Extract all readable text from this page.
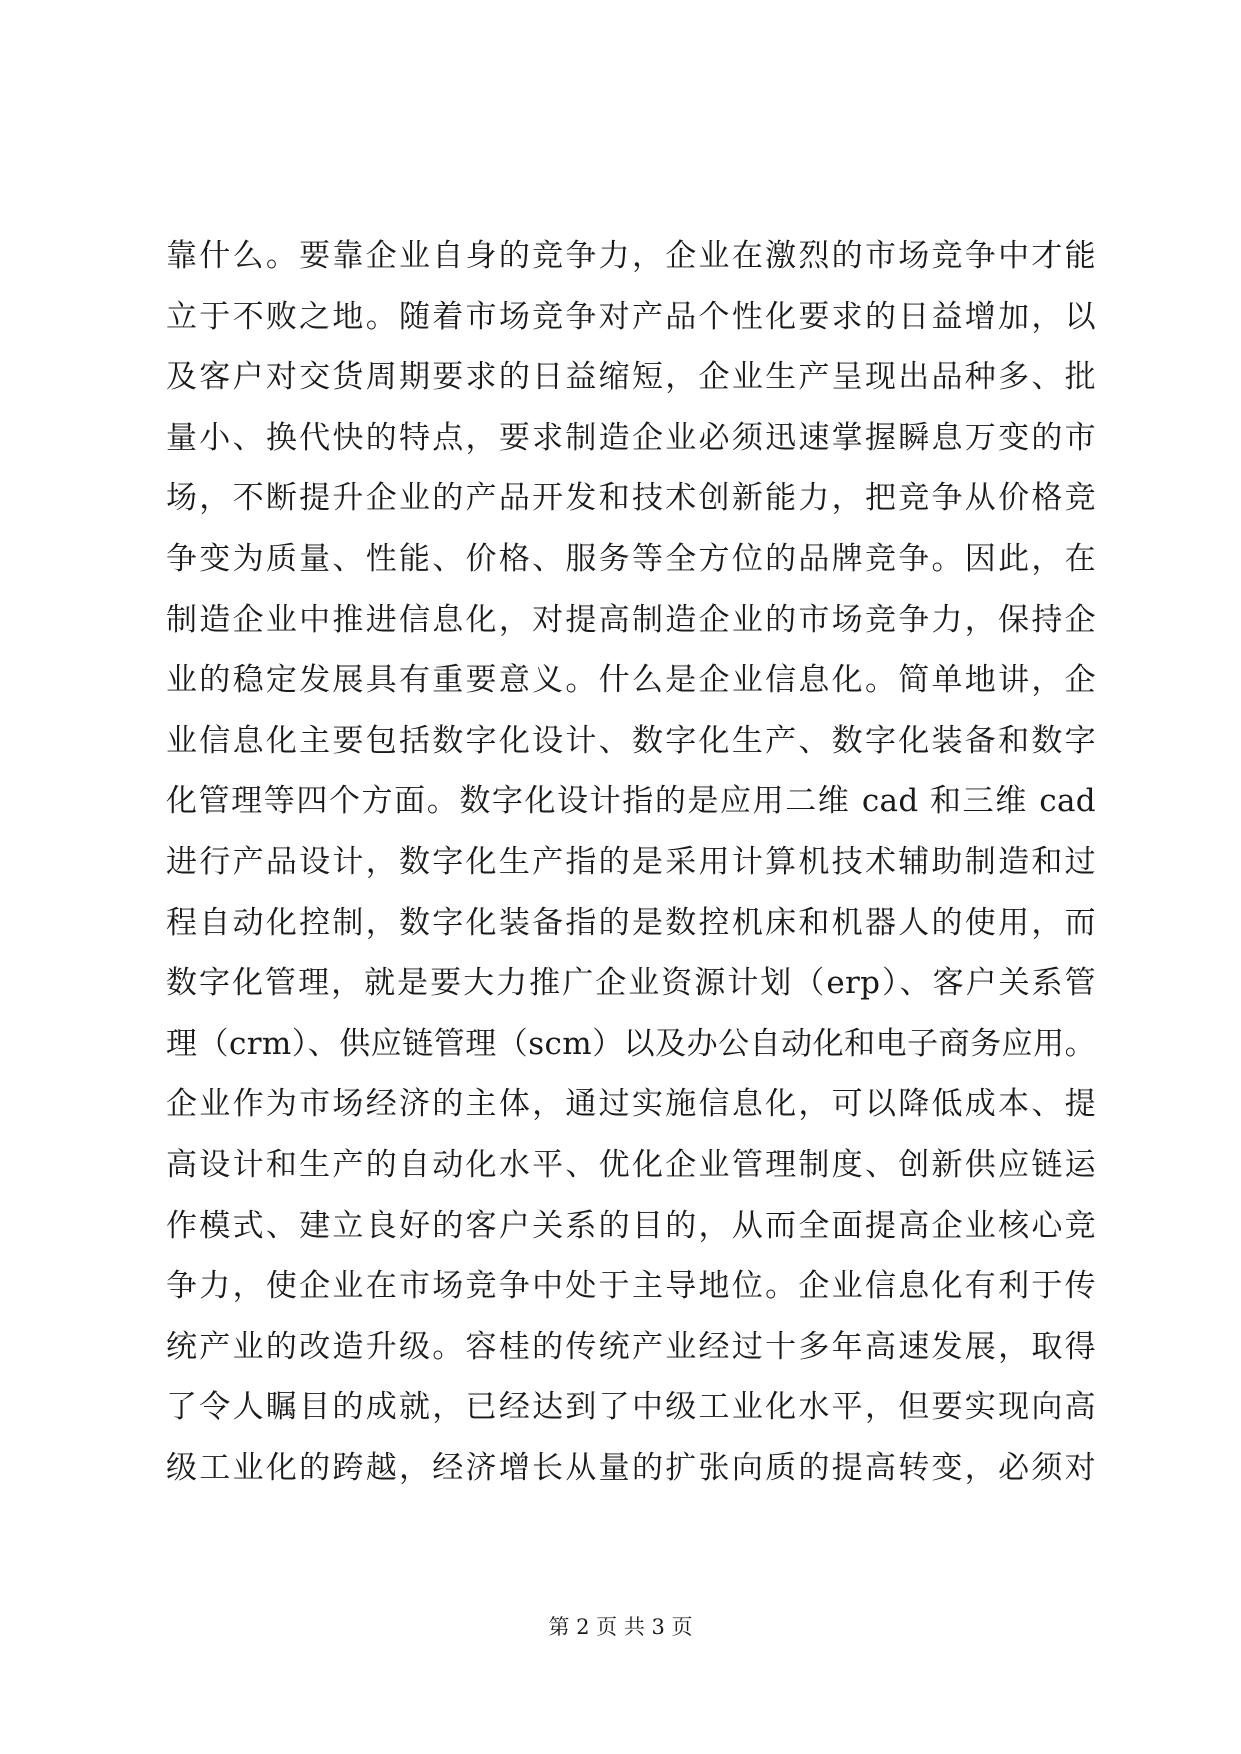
靠什么。要靠企业自身的竞争力，企业在激烈的市场竞争中才能
立于不败之地。随着市场竞争对产品个性化要求的日益增加，以
及客户对交货周期要求的日益缩短，企业生产呈现出品种多、批
量小、换代快的特点，要求制造企业必须迅速掌握瞬息万变的市
场，不断提升企业的产品开发和技术创新能力，把竞争从价格竞
争变为质量、性能、价格、服务等全方位的品牌竞争。因此，在
制造企业中推进信息化，对提高制造企业的市场竞争力，保持企
业的稳定发展具有重要意义。什么是企业信息化。简单地讲，企
业信息化主要包括数字化设计、数字化生产、数字化装备和数字
化管理等四个方面。数字化设计指的是应用二维 cad 和三维 cad
进行产品设计，数字化生产指的是采用计算机技术辅助制造和过
程自动化控制，数字化装备指的是数控机床和机器人的使用，而
数字化管理，就是要大力推广企业资源计划（erp）、客户关系管
理（crm）、供应链管理（scm）以及办公自动化和电子商务应用。
企业作为市场经济的主体，通过实施信息化，可以降低成本、提
高设计和生产的自动化水平、优化企业管理制度、创新供应链运
作模式、建立良好的客户关系的目的，从而全面提高企业核心竞
争力，使企业在市场竞争中处于主导地位。企业信息化有利于传
统产业的改造升级。容桂的传统产业经过十多年高速发展，取得
了令人瞩目的成就，已经达到了中级工业化水平，但要实现向高
级工业化的跨越，经济增长从量的扩张向质的提高转变，必须对
第 2 页 共 3 页
